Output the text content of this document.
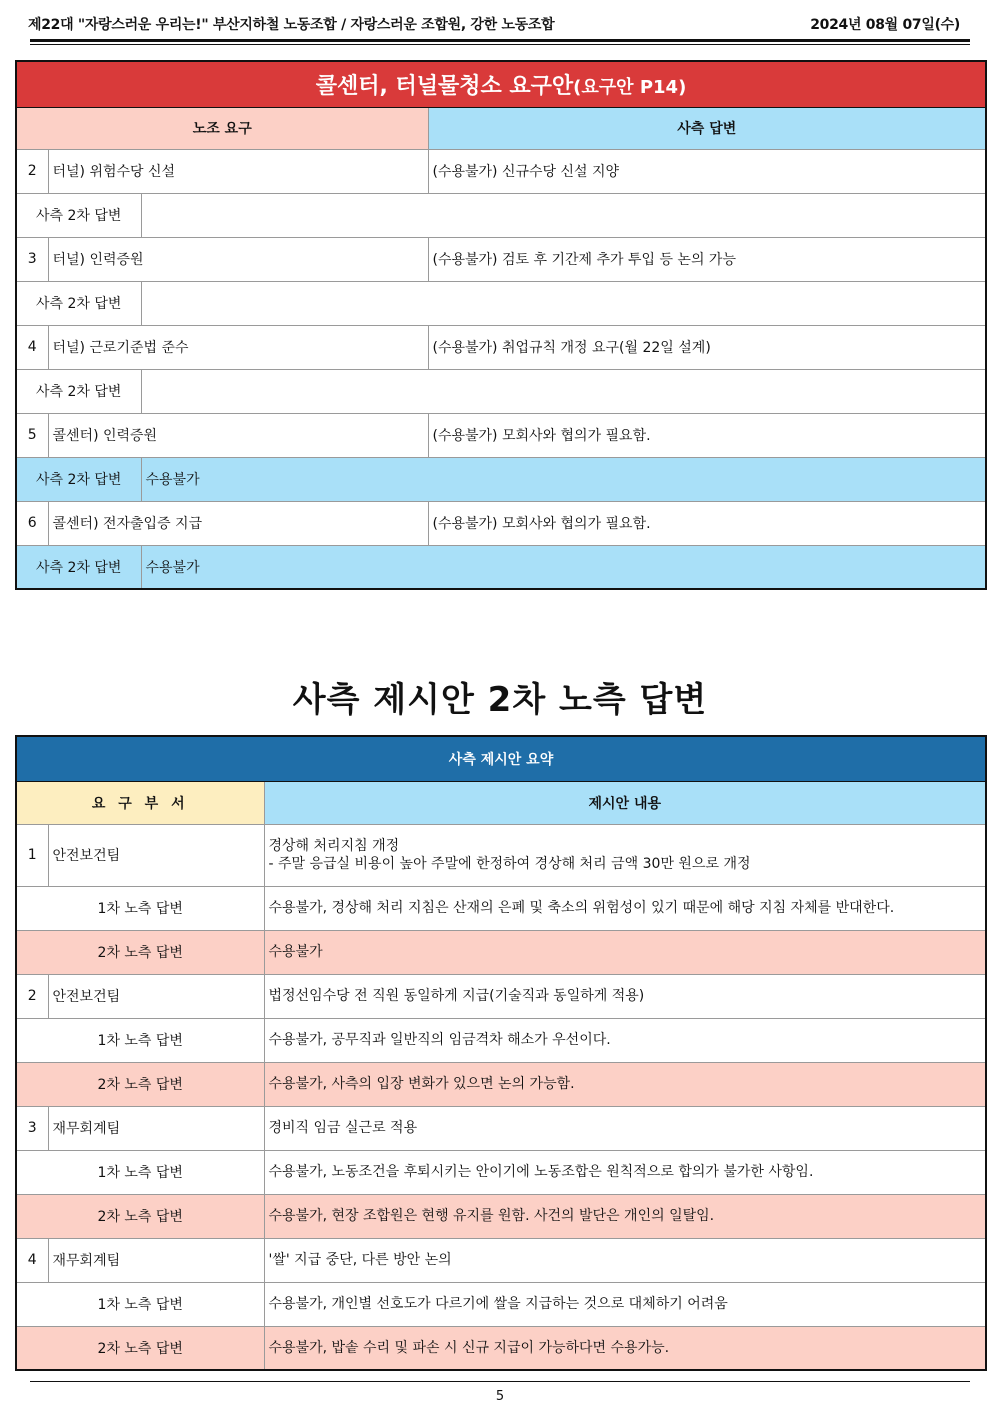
제22대 "자랑스러운 우리는!" 부산지하철 노동조합 / 자랑스러운 조합원, 강한 노동조합	2024년 08월 07일(수)
콜센터, 터널물청소 요구안(요구안 P14)			
노조 요구			사측 답변
2	터널) 위험수당 신설		(수용불가) 신규수당 신설 지양
사측 2차 답변			
3	터널) 인력증원		(수용불가) 검토 후 기간제 추가 투입 등 논의 가능
사측 2차 답변			
4	터널) 근로기준법 준수		(수용불가) 취업규칙 개정 요구(월 22일 설계)
사측 2차 답변			
5	콜센터) 인력증원		(수용불가) 모회사와 협의가 필요함.
사측 2차 답변		수용불가	
6	콜센터) 전자출입증 지급		(수용불가) 모회사와 협의가 필요함.
사측 2차 답변		수용불가	
사측 제시안 2차 노측 답변
사측 제시안 요약		
요 구 부 서		제시안 내용
1	안전보건팀	경상해 처리지침 개정
- 주말 응급실 비용이 높아 주말에 한정하여 경상해 처리 금액 30만 원으로 개정

1차 노측 답변		수용불가, 경상해 처리 지침은 산재의 은폐 및 축소의 위험성이 있기 때문에 해당 지침 자체를 반대한다.
2차 노측 답변		수용불가
2	안전보건팀	법정선임수당 전 직원 동일하게 지급(기술직과 동일하게 적용)
1차 노측 답변		수용불가, 공무직과 일반직의 임금격차 해소가 우선이다.
2차 노측 답변		수용불가, 사측의 입장 변화가 있으면 논의 가능함.
3	재무회계팀	경비직 임금 실근로 적용
1차 노측 답변		수용불가, 노동조건을 후퇴시키는 안이기에 노동조합은 원칙적으로 합의가 불가한 사항임.
2차 노측 답변		수용불가, 현장 조합원은 현행 유지를 원함. 사건의 발단은 개인의 일탈임.
4	재무회계팀	'쌀' 지급 중단, 다른 방안 논의
1차 노측 답변		수용불가, 개인별 선호도가 다르기에 쌀을 지급하는 것으로 대체하기 어려움
2차 노측 답변		수용불가, 밥솥 수리 및 파손 시 신규 지급이 가능하다면 수용가능.
5
